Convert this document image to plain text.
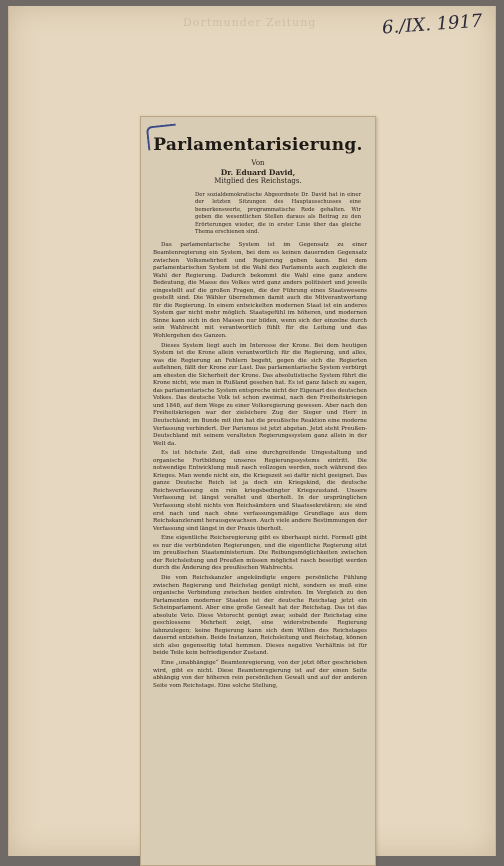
Dortmunder Zeitung	6./IX. 1917
Parlamentarisierung.
Von
Dr. Eduard David,
Mitglied des Reichstags.
Der sozialdemokratische Abgeordnete Dr. David hat in einer der letzten Sitzungen des Hauptausschusses eine bemerkenswerte, programmatische Rede gehalten. Wir geben die wesentlichen Stellen daraus als Beitrag zu den Erörterungen wieder, die in erster Linie über das gleiche Thema erschienen sind.

Das parlamentarische System ist im Gegensatz zu einer Beamtenregierung ein System, bei dem es keinen dauernden Gegensatz zwischen Volksmehrheit und Regierung geben kann. Bei dem parlamentarischen System ist die Wahl des Parlaments auch zugleich die Wahl der Regierung. Dadurch bekommt die Wahl eine ganz andere Bedeutung, die Masse des Volkes wird ganz anders politisiert und jeweils eingestellt auf die großen Fragen, die der Führung eines Staatswesens gestellt sind. Die Wähler übernehmen damit auch die Mitverantwortung für die Regierung. In einem entwickelten modernen Staat ist ein anderes System gar nicht mehr möglich. Staatsgefühl im höheren, und modernen Sinne kann sich in den Massen nur bilden, wenn sich der einzelne durch sein Wahlrecht mit verantwortlich fühlt für die Leitung und das Wohlergehen des Ganzen.

Dieses System liegt auch im Interesse der Krone. Bei dem heutigen System ist die Krone allein verantwortlich für die Regierung, und alles, was die Regierung an Fehlern begeht, gegen die sich die Regierten auflehnen, fällt der Krone zur Last. Das parlamentarische System verbürgt am ehesten die Sicherheit der Krone. Das absolutistische System führt die Krone nicht, wie man in Rußland gesehen hat. Es ist ganz falsch zu sagen, das parlamentarische System entspreche nicht der Eigenart des deutschen Volkes. Das deutsche Volk ist schon zweimal, nach den Freiheitskriegen und 1848, auf dem Wege zu einer Volksregierung gewesen. Aber nach den Freiheitskriegen war der zielsichere Zug der Sieger und Herr in Deutschland; im Bunde mit ihm hat die preußische Reaktion eine moderne Verfassung verhindert. Der Parismus ist jetzt abgetan. Jetzt steht Preußen-Deutschland mit seinem veralteten Regierungssystem ganz allein in der Welt da.

Es ist höchste Zeit, daß eine durchgreifende Umgestaltung und organische Fortbildung unseres Regierungssystems eintritt. Die notwendige Entwicklung muß rasch vollzogen werden, noch während des Krieges. Man wende nicht ein, die Kriegszeit sei dafür nicht geeignet. Das ganze Deutsche Reich ist ja doch ein Kriegskind, die deutsche Reichsverfassung ein rein kriegsbedingter Kriegszustand. Unsere Verfassung ist längst veraltet und überholt. In der ursprünglichen Verfassung steht nichts von Reichsämtern und Staatssekretären; sie sind erst nach und nach ohne verfassungsmäßige Grundlage aus dem Reichskanzleramt herausgewachsen. Auch viele andere Bestimmungen der Verfassung sind längst in der Praxis überholt.

Eine eigentliche Reichsregierung gibt es überhaupt nicht. Formell gibt es nur die verbündeten Regierungen, und die eigentliche Regierung sitzt im preußischen Staatsministerium. Die Reibungsmöglichkeiten zwischen der Reichsleitung und Preußen müssen möglichst rasch beseitigt werden durch die Änderung des preußischen Wahlrechts.

Die vom Reichskanzler angekündigte engere persönliche Fühlung zwischen Regierung und Reichstag genügt nicht, sondern es muß eine organische Verbindung zwischen beiden eintreten. Im Vergleich zu den Parlamenten moderner Staaten ist der deutsche Reichstag jetzt ein Scheinparlament. Aber eine große Gewalt hat der Reichstag. Das ist das absolute Veto. Diese Vetorecht genügt zwar, sobald der Reichstag eine geschlossene Mehrheit zeigt, eine widerstrebende Regierung lahmzulegen; keine Regierung kann sich dem Willen des Reichstages dauernd entziehen. Beide Instanzen, Reichsleitung und Reichstag, können sich also gegenseitig total hemmen. Dieses negative Verhältnis ist für beide Teile kein befriedigender Zustand.

Eine „unabhängige“ Beamtenregierung, von der jetzt öfter geschrieben wird, gibt es nicht. Diese Beamtenregierung ist auf der einen Seite abhängig von der höheren rein persönlichen Gewalt und auf der anderen Seite vom Reichstage. Eine solche Stellung,
